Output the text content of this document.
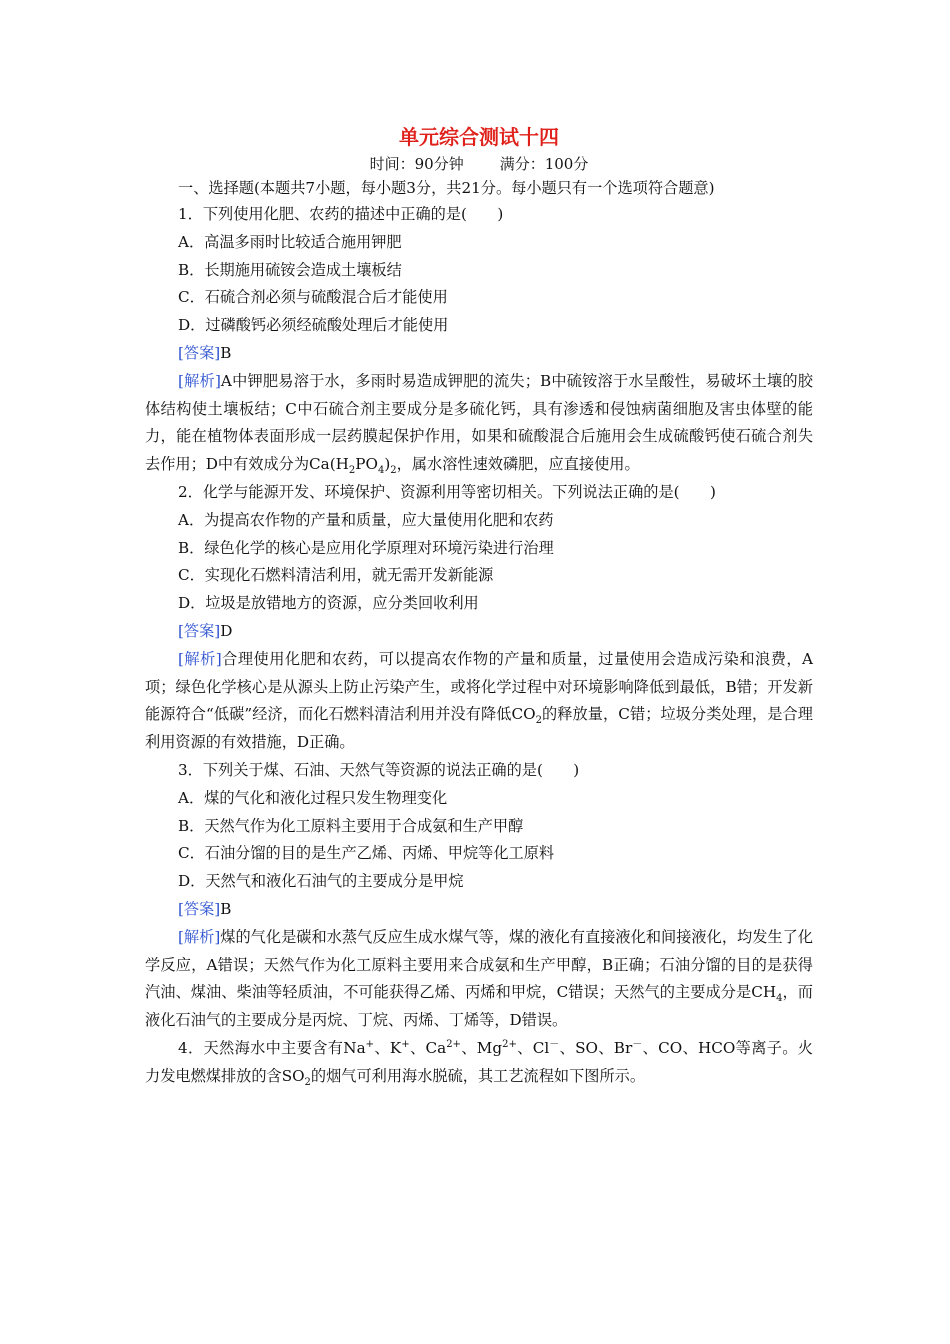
单元综合测试十四
时间：90分钟 满分：100分

一、选择题(本题共7小题，每小题3分，共21分。每小题只有一个选项符合题意)

1．下列使用化肥、农药的描述中正确的是(　　)

A．高温多雨时比较适合施用钾肥

B．长期施用硫铵会造成土壤板结

C．石硫合剂必须与硫酸混合后才能使用

D．过磷酸钙必须经硫酸处理后才能使用

[答案]B

[解析]A中钾肥易溶于水，多雨时易造成钾肥的流失；B中硫铵溶于水呈酸性，易破坏土壤的胶体结构使土壤板结；C中石硫合剂主要成分是多硫化钙，具有渗透和侵蚀病菌细胞及害虫体壁的能力，能在植物体表面形成一层药膜起保护作用，如果和硫酸混合后施用会生成硫酸钙使石硫合剂失去作用；D中有效成分为$Ca(H_2PO_4)_2$，属水溶性速效磷肥，应直接使用。

2．化学与能源开发、环境保护、资源利用等密切相关。下列说法正确的是(　　)

A．为提高农作物的产量和质量，应大量使用化肥和农药

B．绿色化学的核心是应用化学原理对环境污染进行治理

C．实现化石燃料清洁利用，就无需开发新能源

D．垃圾是放错地方的资源，应分类回收利用

[答案]D

[解析]合理使用化肥和农药，可以提高农作物的产量和质量，过量使用会造成污染和浪费，A项；绿色化学核心是从源头上防止污染产生，或将化学过程中对环境影响降低到最低，B错；开发新能源符合“低碳”经济，而化石燃料清洁利用并没有降低$CO_2$的释放量，C错；垃圾分类处理，是合理利用资源的有效措施，D正确。

3．下列关于煤、石油、天然气等资源的说法正确的是(　　)

A．煤的气化和液化过程只发生物理变化

B．天然气作为化工原料主要用于合成氨和生产甲醇

C．石油分馏的目的是生产乙烯、丙烯、甲烷等化工原料

D．天然气和液化石油气的主要成分是甲烷

[答案]B

[解析]煤的气化是碳和水蒸气反应生成水煤气等，煤的液化有直接液化和间接液化，均发生了化学反应，A错误；天然气作为化工原料主要用来合成氨和生产甲醇，B正确；石油分馏的目的是获得汽油、煤油、柴油等轻质油，不可能获得乙烯、丙烯和甲烷，C错误；天然气的主要成分是$CH_4$，而液化石油气的主要成分是丙烷、丁烷、丙烯、丁烯等，D错误。

4．天然海水中主要含有Na+、K+、$Ca^{2+}$、$Mg^{2+}$、Cl－、SO、Br－、CO、HCO等离子。火力发电燃煤排放的含$SO_2$的烟气可利用海水脱硫，其工艺流程如下图所示。
